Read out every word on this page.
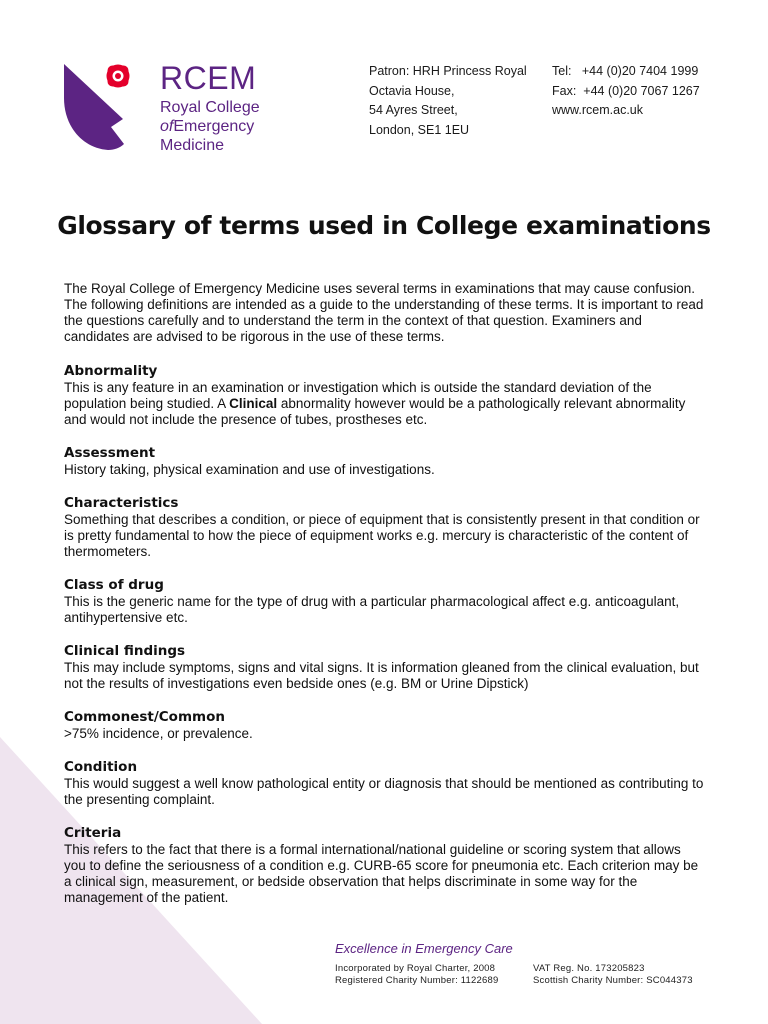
RCEM
Royal College
ofEmergency
Medicine
Patron: HRH Princess Royal
Octavia House,
54 Ayres Street,
London, SE1 1EU
Tel: +44 (0)20 7404 1999
Fax: +44 (0)20 7067 1267
www.rcem.ac.uk
Glossary of terms used in College examinations

The Royal College of Emergency Medicine uses several terms in examinations that may cause confusion. The following definitions are intended as a guide to the understanding of these terms. It is important to read the questions carefully and to understand the term in the context of that question. Examiners and candidates are advised to be rigorous in the use of these terms.

Abnormality

This is any feature in an examination or investigation which is outside the standard deviation of the population being studied. A Clinical abnormality however would be a pathologically relevant abnormality and would not include the presence of tubes, prostheses etc.

Assessment

History taking, physical examination and use of investigations.

Characteristics

Something that describes a condition, or piece of equipment that is consistently present in that condition or is pretty fundamental to how the piece of equipment works e.g. mercury is characteristic of the content of thermometers.

Class of drug

This is the generic name for the type of drug with a particular pharmacological affect e.g. anticoagulant, antihypertensive etc.

Clinical findings

This may include symptoms, signs and vital signs. It is information gleaned from the clinical evaluation, but not the results of investigations even bedside ones (e.g. BM or Urine Dipstick)

Commonest/Common

>75% incidence, or prevalence.

Condition

This would suggest a well know pathological entity or diagnosis that should be mentioned as contributing to the presenting complaint.

Criteria

This refers to the fact that there is a formal international/national guideline or scoring system that allows you to define the seriousness of a condition e.g. CURB-65 score for pneumonia etc. Each criterion may be a clinical sign, measurement, or bedside observation that helps discriminate in some way for the management of the patient.

Excellence in Emergency Care
Incorporated by Royal Charter, 2008	VAT Reg. No. 173205823
Registered Charity Number: 1122689	Scottish Charity Number: SC044373
